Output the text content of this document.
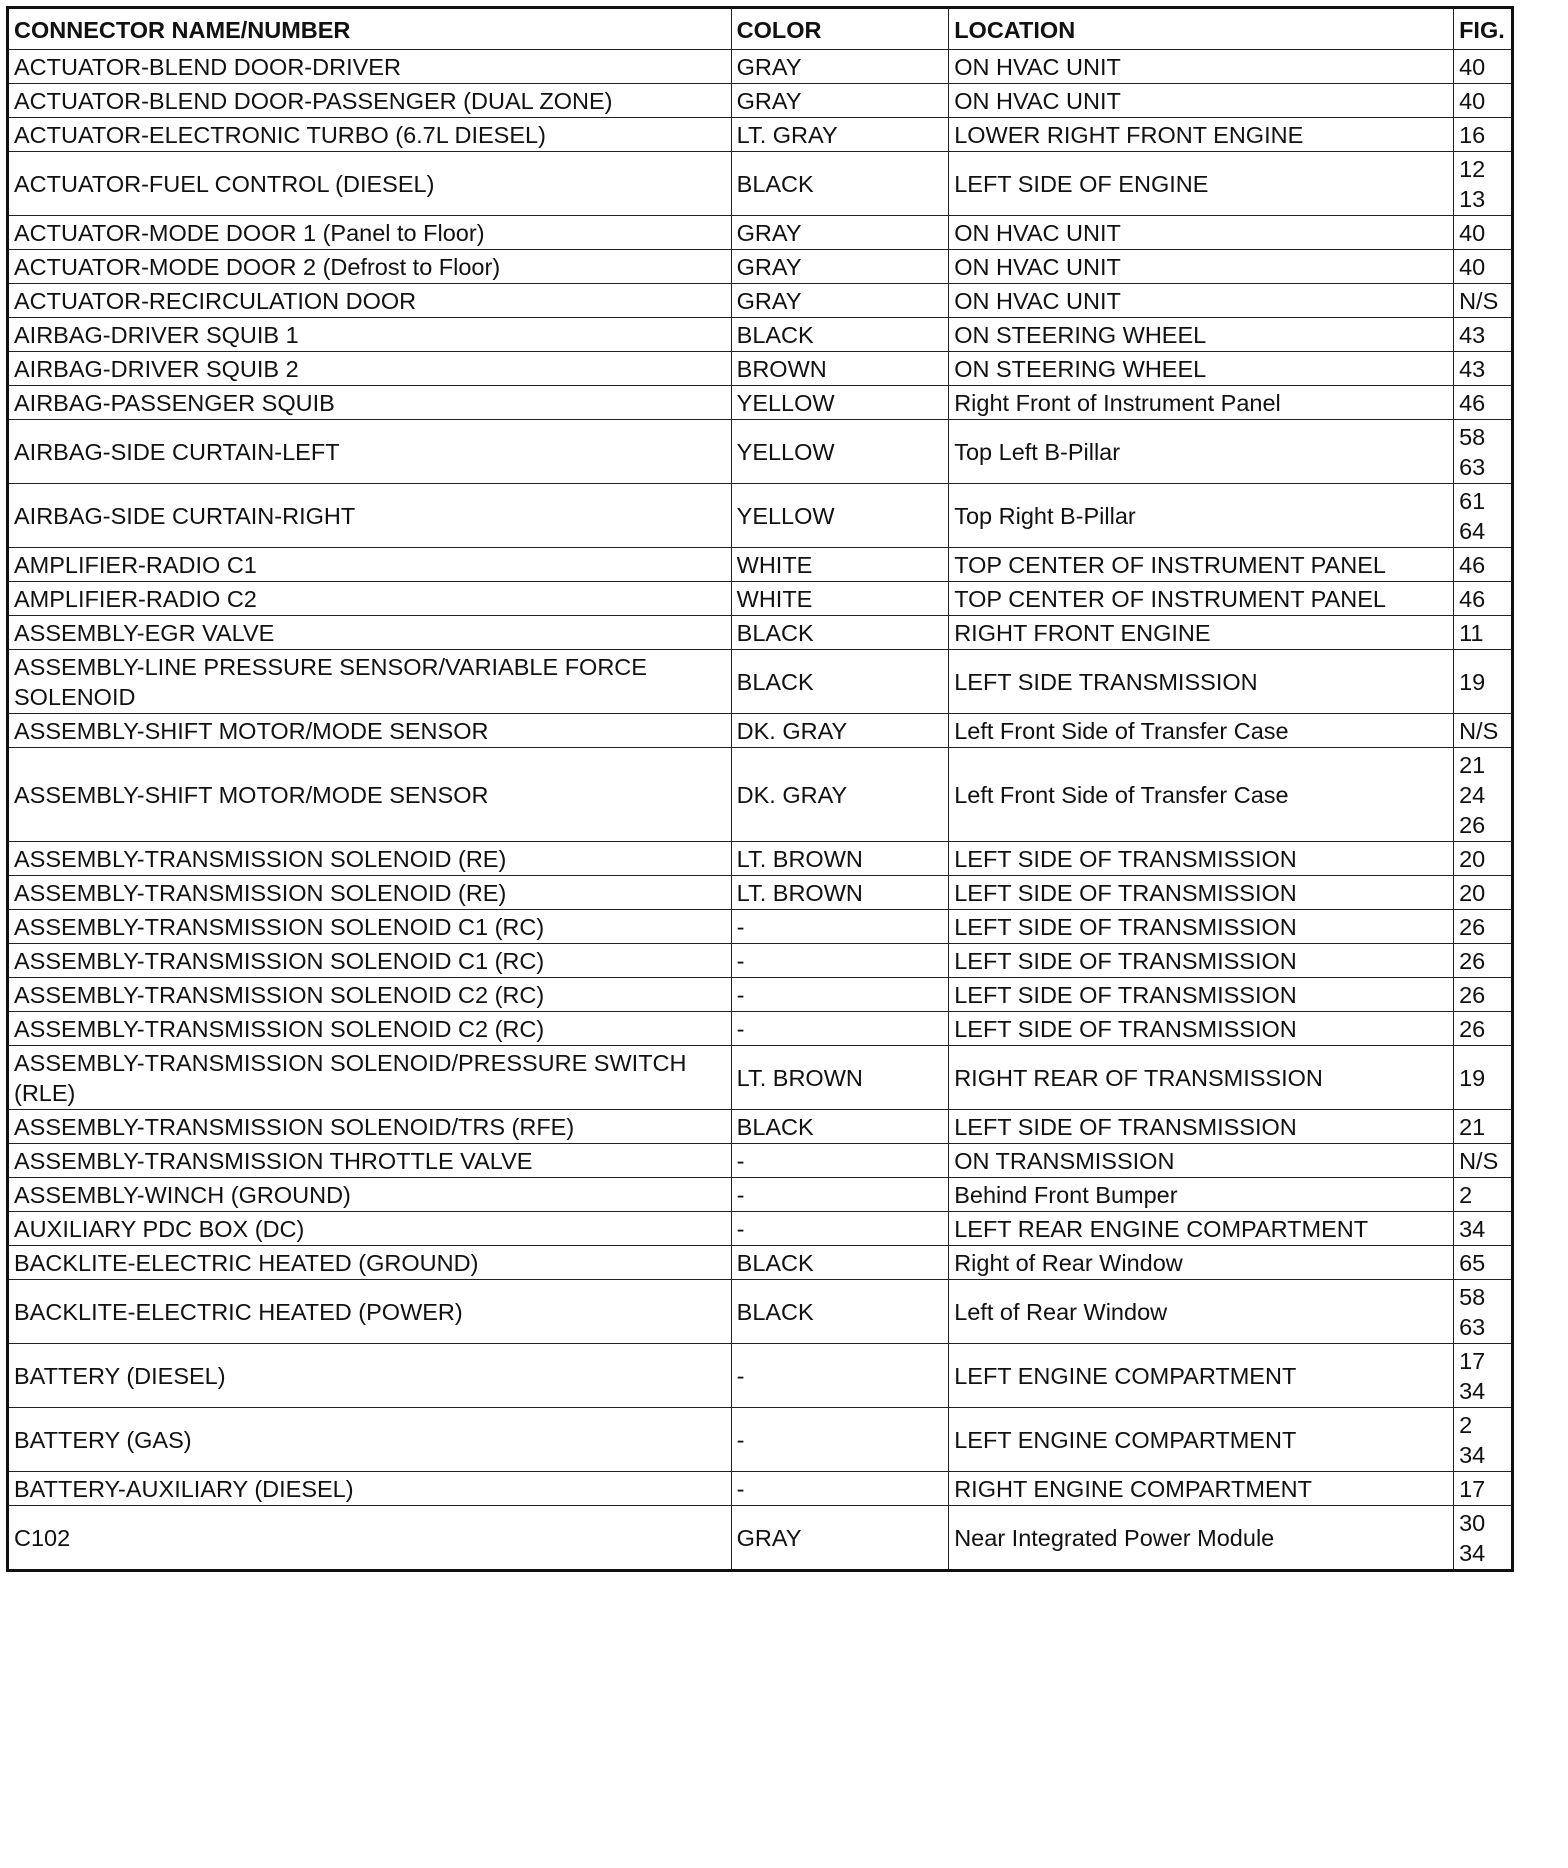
CONNECTOR NAME/NUMBER	COLOR	LOCATION	FIG.
ACTUATOR-BLEND DOOR-DRIVER	GRAY	ON HVAC UNIT	40
ACTUATOR-BLEND DOOR-PASSENGER (DUAL ZONE)	GRAY	ON HVAC UNIT	40
ACTUATOR-ELECTRONIC TURBO (6.7L DIESEL)	LT. GRAY	LOWER RIGHT FRONT ENGINE	16
ACTUATOR-FUEL CONTROL (DIESEL)	BLACK	LEFT SIDE OF ENGINE	12
13
ACTUATOR-MODE DOOR 1 (Panel to Floor)	GRAY	ON HVAC UNIT	40
ACTUATOR-MODE DOOR 2 (Defrost to Floor)	GRAY	ON HVAC UNIT	40
ACTUATOR-RECIRCULATION DOOR	GRAY	ON HVAC UNIT	N/S
AIRBAG-DRIVER SQUIB 1	BLACK	ON STEERING WHEEL	43
AIRBAG-DRIVER SQUIB 2	BROWN	ON STEERING WHEEL	43
AIRBAG-PASSENGER SQUIB	YELLOW	Right Front of Instrument Panel	46
AIRBAG-SIDE CURTAIN-LEFT	YELLOW	Top Left B-Pillar	58
63
AIRBAG-SIDE CURTAIN-RIGHT	YELLOW	Top Right B-Pillar	61
64
AMPLIFIER-RADIO C1	WHITE	TOP CENTER OF INSTRUMENT PANEL	46
AMPLIFIER-RADIO C2	WHITE	TOP CENTER OF INSTRUMENT PANEL	46
ASSEMBLY-EGR VALVE	BLACK	RIGHT FRONT ENGINE	11
ASSEMBLY-LINE PRESSURE SENSOR/VARIABLE FORCE SOLENOID	BLACK	LEFT SIDE TRANSMISSION	19
ASSEMBLY-SHIFT MOTOR/MODE SENSOR	DK. GRAY	Left Front Side of Transfer Case	N/S
ASSEMBLY-SHIFT MOTOR/MODE SENSOR	DK. GRAY	Left Front Side of Transfer Case	21
24
26
ASSEMBLY-TRANSMISSION SOLENOID (RE)	LT. BROWN	LEFT SIDE OF TRANSMISSION	20
ASSEMBLY-TRANSMISSION SOLENOID (RE)	LT. BROWN	LEFT SIDE OF TRANSMISSION	20
ASSEMBLY-TRANSMISSION SOLENOID C1 (RC)	-	LEFT SIDE OF TRANSMISSION	26
ASSEMBLY-TRANSMISSION SOLENOID C1 (RC)	-	LEFT SIDE OF TRANSMISSION	26
ASSEMBLY-TRANSMISSION SOLENOID C2 (RC)	-	LEFT SIDE OF TRANSMISSION	26
ASSEMBLY-TRANSMISSION SOLENOID C2 (RC)	-	LEFT SIDE OF TRANSMISSION	26
ASSEMBLY-TRANSMISSION SOLENOID/PRESSURE SWITCH (RLE)	LT. BROWN	RIGHT REAR OF TRANSMISSION	19
ASSEMBLY-TRANSMISSION SOLENOID/TRS (RFE)	BLACK	LEFT SIDE OF TRANSMISSION	21
ASSEMBLY-TRANSMISSION THROTTLE VALVE	-	ON TRANSMISSION	N/S
ASSEMBLY-WINCH (GROUND)	-	Behind Front Bumper	2
AUXILIARY PDC BOX (DC)	-	LEFT REAR ENGINE COMPARTMENT	34
BACKLITE-ELECTRIC HEATED (GROUND)	BLACK	Right of Rear Window	65
BACKLITE-ELECTRIC HEATED (POWER)	BLACK	Left of Rear Window	58
63
BATTERY (DIESEL)	-	LEFT ENGINE COMPARTMENT	17
34
BATTERY (GAS)	-	LEFT ENGINE COMPARTMENT	2
34
BATTERY-AUXILIARY (DIESEL)	-	RIGHT ENGINE COMPARTMENT	17
C102	GRAY	Near Integrated Power Module	30
34
